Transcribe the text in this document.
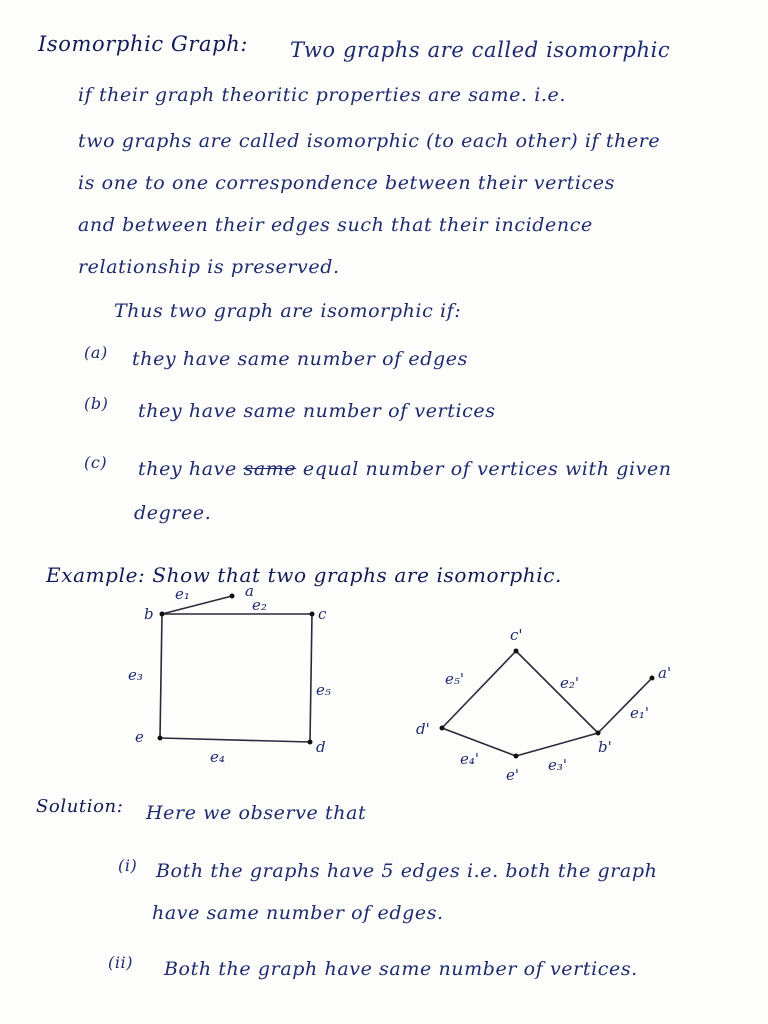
Isomorphic Graph: Two graphs are called isomorphic
if their graph theoritic properties are same. i.e.
two graphs are called isomorphic (to each other) if there
is one to one correspondence between their vertices
and between their edges such that their incidence
relationship is preserved.
Thus two graph are isomorphic if:
(a) they have same number of edges
(b) they have same number of vertices
(c) they have same equal number of vertices with given
degree.
Example: Show that two graphs are isomorphic.
a
b	c
d
e
e₁
e₂
e₃
e₄
e₅
a'
b'
c'
d'
e'
e₁'
e₂'
e₃'
e₄'
e₅'
Solution: Here we observe that
(i) Both the graphs have 5 edges i.e. both the graph
have same number of edges.
(ii) Both the graph have same number of vertices.
